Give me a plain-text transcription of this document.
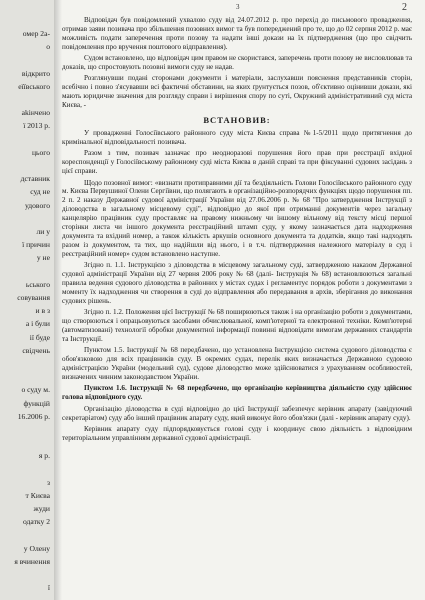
омер 2а-
о
відкрито
еїївського
аkінчено
ї 2013 р.
цього
дставник
суд не
удового
ли у
ї причин
у не
ьського
совування
и в з
а і були
ії буде
свідчень
о суду м.
функцій
16.2006 р.
я р.
з
т Києва
жуди
одатку 2
у Олену
я вчинення
ї
3	2

Відповідач був повідомлений ухвалою суду від 24.07.2012 р. про перехід до письмового провадження, отримав заяви позивача про збільшення позовних вимог та був попереджений про те, що до 02 серпня 2012 р. має можливість подати заперечення проти позову та надати інші докази на їх підтвердження (що про свідчить повідомлення про вручення поштового відправлення).

Судом встановлено, що відповідач цим правом не скористався, заперечень проти позову не висловлював та доказів, що спростовують позовні вимоги суду не надав.

Розглянувши подані сторонами документи і матеріали, заслухавши пояснення представників сторін, всебічно і повно з'ясувавши всі фактичні обставини, на яких ґрунтується позов, об'єктивно оцінивши докази, які мають юридичне значення для розгляду справи і вирішення спору по суті, Окружний адміністративний суд міста Києва, -

ВСТАНОВИВ:

У провадженні Голосіївського районного суду міста Києва справа №1-5/2011 щодо притягнення до кримінальної відповідальності позивача.

Разом з тим, позивач зазначає про неодноразові порушення його прав при реєстрації вхідної кореспонденції у Голосіївському районному суді міста Києва в даній справі та при фіксуванні судових засідань з цієї справи.

Щодо позовної вимог: «визнати протиправними дії та бездіяльність Голови Голосіївського районного суду м. Києва Первушиної Олени Сергіївни, що полягають в організаційно-розпорядчих функціях щодо порушення пп. 2 п. 2 наказу Державної судової адміністрації України від 27.06.2006 р. № 68 "Про затвердження Інструкції з діловодства в загальному місцевому суді", відповідно до якої при отриманні документів через загальну канцелярію працівник суду проставляє на правому нижньому чи іншому вільному від тексту місці першої сторінки листа чи іншого документа реєстраційний штамп суду, у якому зазначається дата надходження документа та вхідний номер, а також кількість аркушів основного документа та додатків, якщо такі надходять разом із документом, та тих, що надійшли від нього, і в т.ч. підтвердження належного матеріалу в суд і реєстраційний номер» судом встановлено наступне.

Згідно п. 1.1. Інструкцією з діловодства в місцевому загальному суді, затвердженою наказом Державної судової адміністрації України від 27 червня 2006 року № 68 (далі- Інструкція № 68) встановлюються загальні правила ведення судового діловодства в районних у містах судах і регламентує порядок роботи з документами з моменту їх надходження чи створення в суді до відправлення або передавання в архів, зберігання до виконання судових рішень.

Згідно п. 1.2. Положення цієї Інструкції № 68 поширюються також і на організацію роботи з документами, що створюються і опрацьовуються засобами обчислювальної, комп'ютерної та електронної техніки. Комп'ютерні (автоматизовані) технології обробки документної інформації повинні відповідати вимогам державних стандартів та Інструкції.

Пунктом 1.5. Інструкції № 68 передбачено, що установлена Інструкцією система судового діловодства є обов'язковою для всіх працівників суду. В окремих судах, перелік яких визначається Державною судовою адміністрацією України (модельний суд), судове діловодство може здійснюватися з урахуванням особливостей, визначених чинним законодавством України.

Пунктом 1.6. Інструкції № 68 передбачено, що організацію керівництва діяльністю суду здійснює голова відповідного суду.

Організацію діловодства в суді відповідно до цієї Інструкції забезпечує керівник апарату (завідуючий секретаріатом) суду або інший працівник апарату суду, який виконує його обов'язки (далі - керівник апарату суду).

Керівник апарату суду підпорядковується голові суду і координує свою діяльність з відповідним територіальним управлінням державної судової адміністрації.
